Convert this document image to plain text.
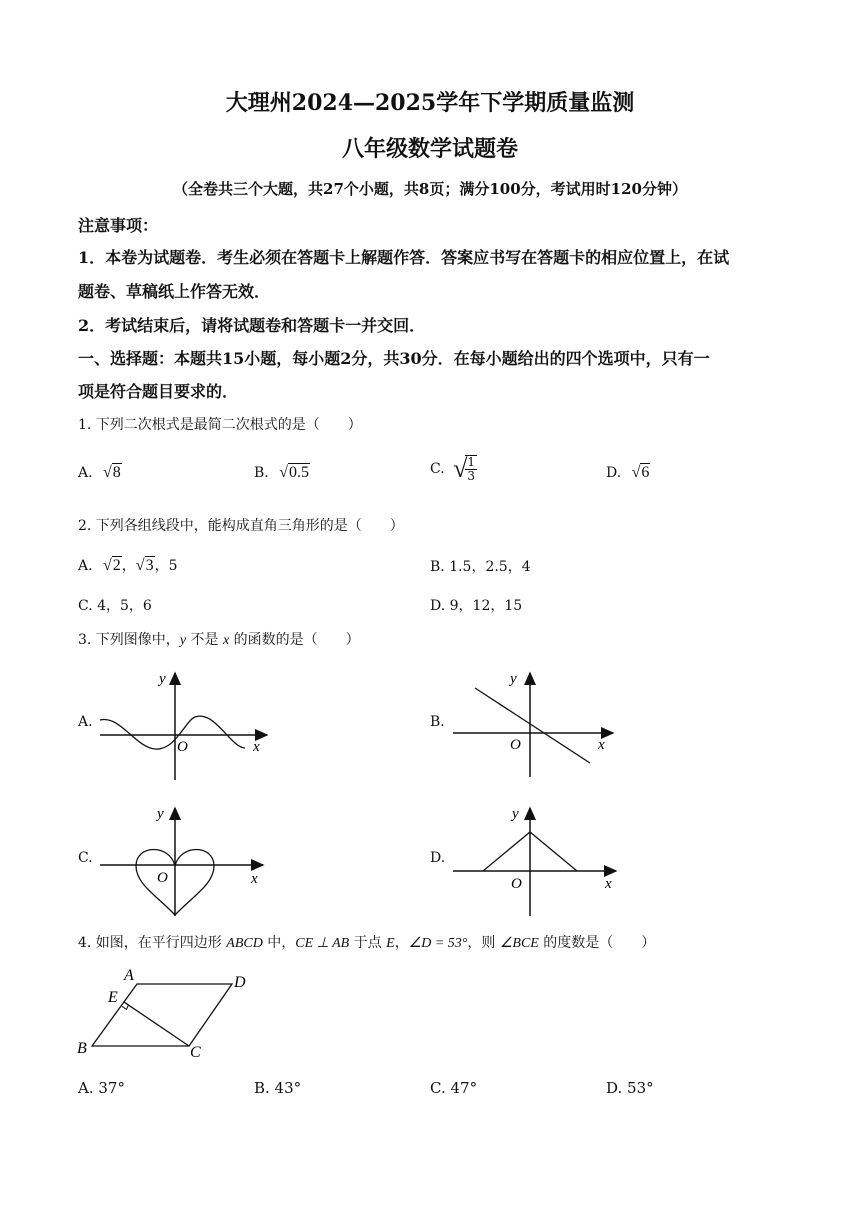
大理州2024—2025学年下学期质量监测
八年级数学试题卷
（全卷共三个大题，共27个小题，共8页；满分100分，考试用时120分钟）
注意事项：
1．本卷为试题卷．考生必须在答题卡上解题作答．答案应书写在答题卡的相应位置上，在试
题卷、草稿纸上作答无效．
2．考试结束后，请将试题卷和答题卡一并交回．
一、选择题：本题共15小题，每小题2分，共30分．在每小题给出的四个选项中，只有一
项是符合题目要求的．
1. 下列二次根式是最简二次根式的是（　　）
A. √8	B. √0.5	C. √
$\frac{1}{3}$	D. √6
2. 下列各组线段中，能构成直角三角形的是（　　）
A. √2，√3，5	B. 1.5，2.5，4
C. 4，5，6	D. 9，12，15
3. 下列图像中，y 不是 x 的函数的是（　　）
A.	B.
C.	D.
y
x
O
y
x
O
y
x
O
y
x
O
4. 如图，在平行四边形 ABCD 中，CE ⊥ AB 于点 E，∠D = 53°，则 ∠BCE 的度数是（　　）
A	D
E
B	C
A. 37°	B. 43°	C. 47°	D. 53°
